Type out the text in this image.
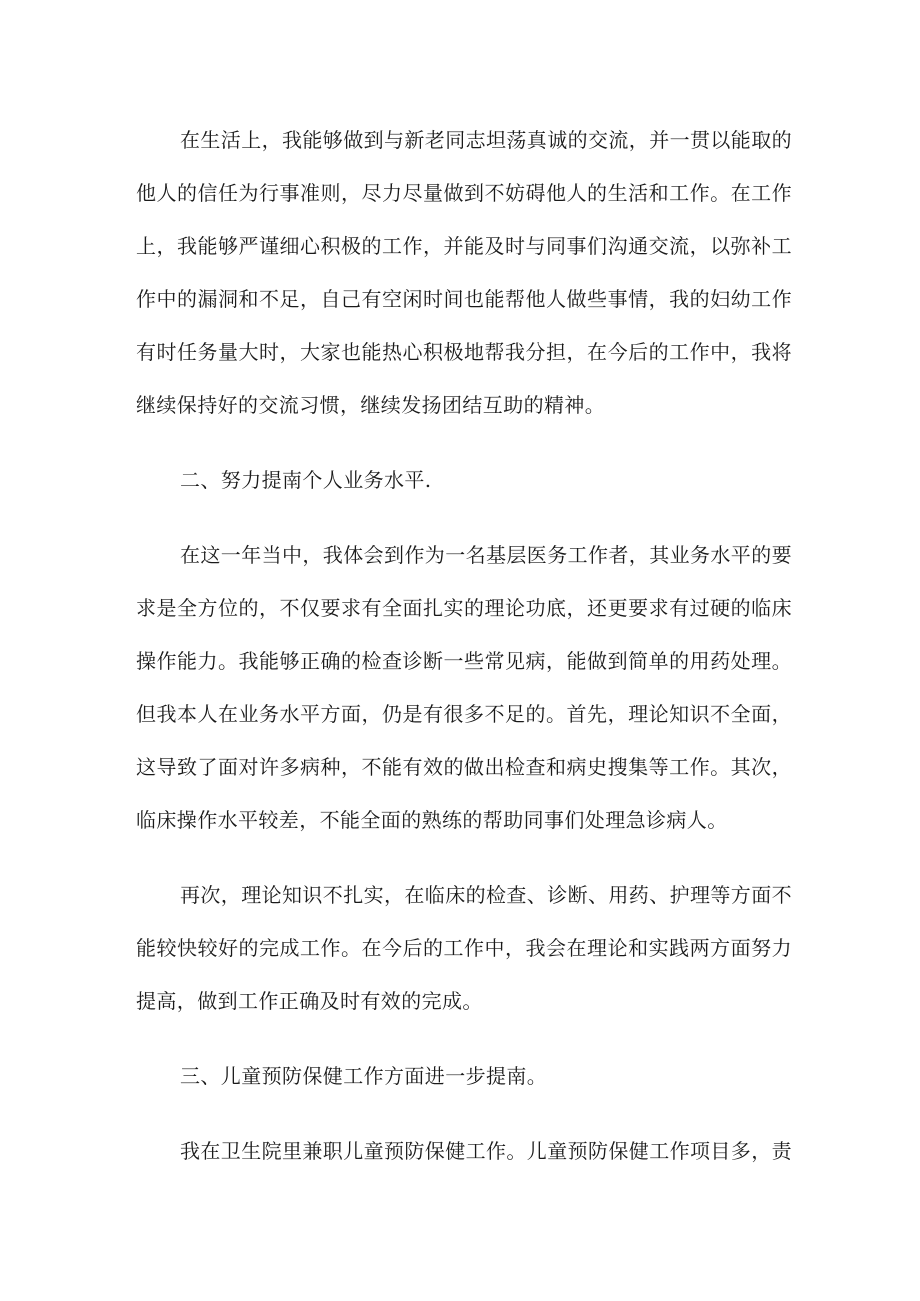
在生活上，我能够做到与新老同志坦荡真诚的交流，并一贯以能取的他人的信任为行事准则，尽力尽量做到不妨碍他人的生活和工作。在工作上，我能够严谨细心积极的工作，并能及时与同事们沟通交流，以弥补工作中的漏洞和不足，自己有空闲时间也能帮他人做些事情，我的妇幼工作有时任务量大时，大家也能热心积极地帮我分担，在今后的工作中，我将继续保持好的交流习惯，继续发扬团结互助的精神。

二、努力提南个人业务水平.

在这一年当中，我体会到作为一名基层医务工作者，其业务水平的要求是全方位的，不仅要求有全面扎实的理论功底，还更要求有过硬的临床操作能力。我能够正确的检查诊断一些常见病，能做到简单的用药处理。但我本人在业务水平方面，仍是有很多不足的。首先，理论知识不全面，这导致了面对许多病种，不能有效的做出检查和病史搜集等工作。其次，临床操作水平较差，不能全面的熟练的帮助同事们处理急诊病人。

再次，理论知识不扎实，在临床的检查、诊断、用药、护理等方面不能较快较好的完成工作。在今后的工作中，我会在理论和实践两方面努力提高，做到工作正确及时有效的完成。

三、儿童预防保健工作方面进一步提南。

我在卫生院里兼职儿童预防保健工作。儿童预防保健工作项目多，责
